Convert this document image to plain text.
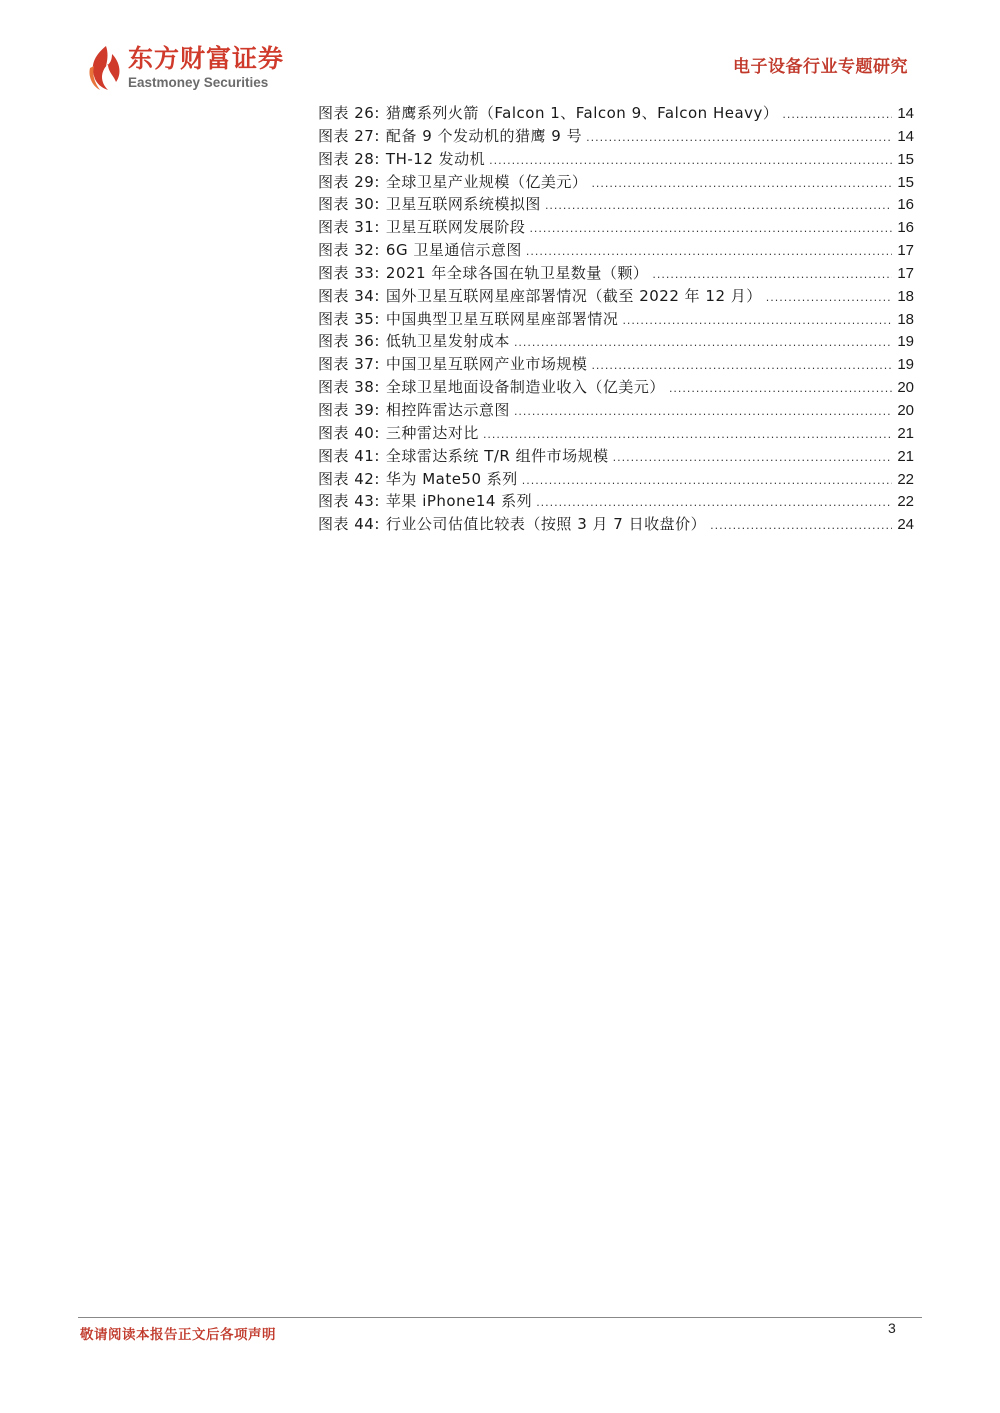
东方财富证券
Eastmoney Securities
电子设备行业专题研究
图表 26: 猎鹰系列火箭（Falcon 1、Falcon 9、Falcon Heavy） .....	14
图表 27: 配备 9 个发动机的猎鹰 9 号 .....	14
图表 28: TH-12 发动机 .....	15
图表 29: 全球卫星产业规模（亿美元） .....	15
图表 30: 卫星互联网系统模拟图 .....	16
图表 31: 卫星互联网发展阶段 .....	16
图表 32: 6G 卫星通信示意图 .....	17
图表 33: 2021 年全球各国在轨卫星数量（颗） .....	17
图表 34: 国外卫星互联网星座部署情况（截至 2022 年 12 月） .....	18
图表 35: 中国典型卫星互联网星座部署情况 .....	18
图表 36: 低轨卫星发射成本 .....	19
图表 37: 中国卫星互联网产业市场规模 .....	19
图表 38: 全球卫星地面设备制造业收入（亿美元） .....	20
图表 39: 相控阵雷达示意图 .....	20
图表 40: 三种雷达对比 .....	21
图表 41: 全球雷达系统 T/R 组件市场规模 .....	21
图表 42: 华为 Mate50 系列 .....	22
图表 43: 苹果 iPhone14 系列 .....	22
图表 44: 行业公司估值比较表（按照 3 月 7 日收盘价） .....	24
敬请阅读本报告正文后各项声明	3
